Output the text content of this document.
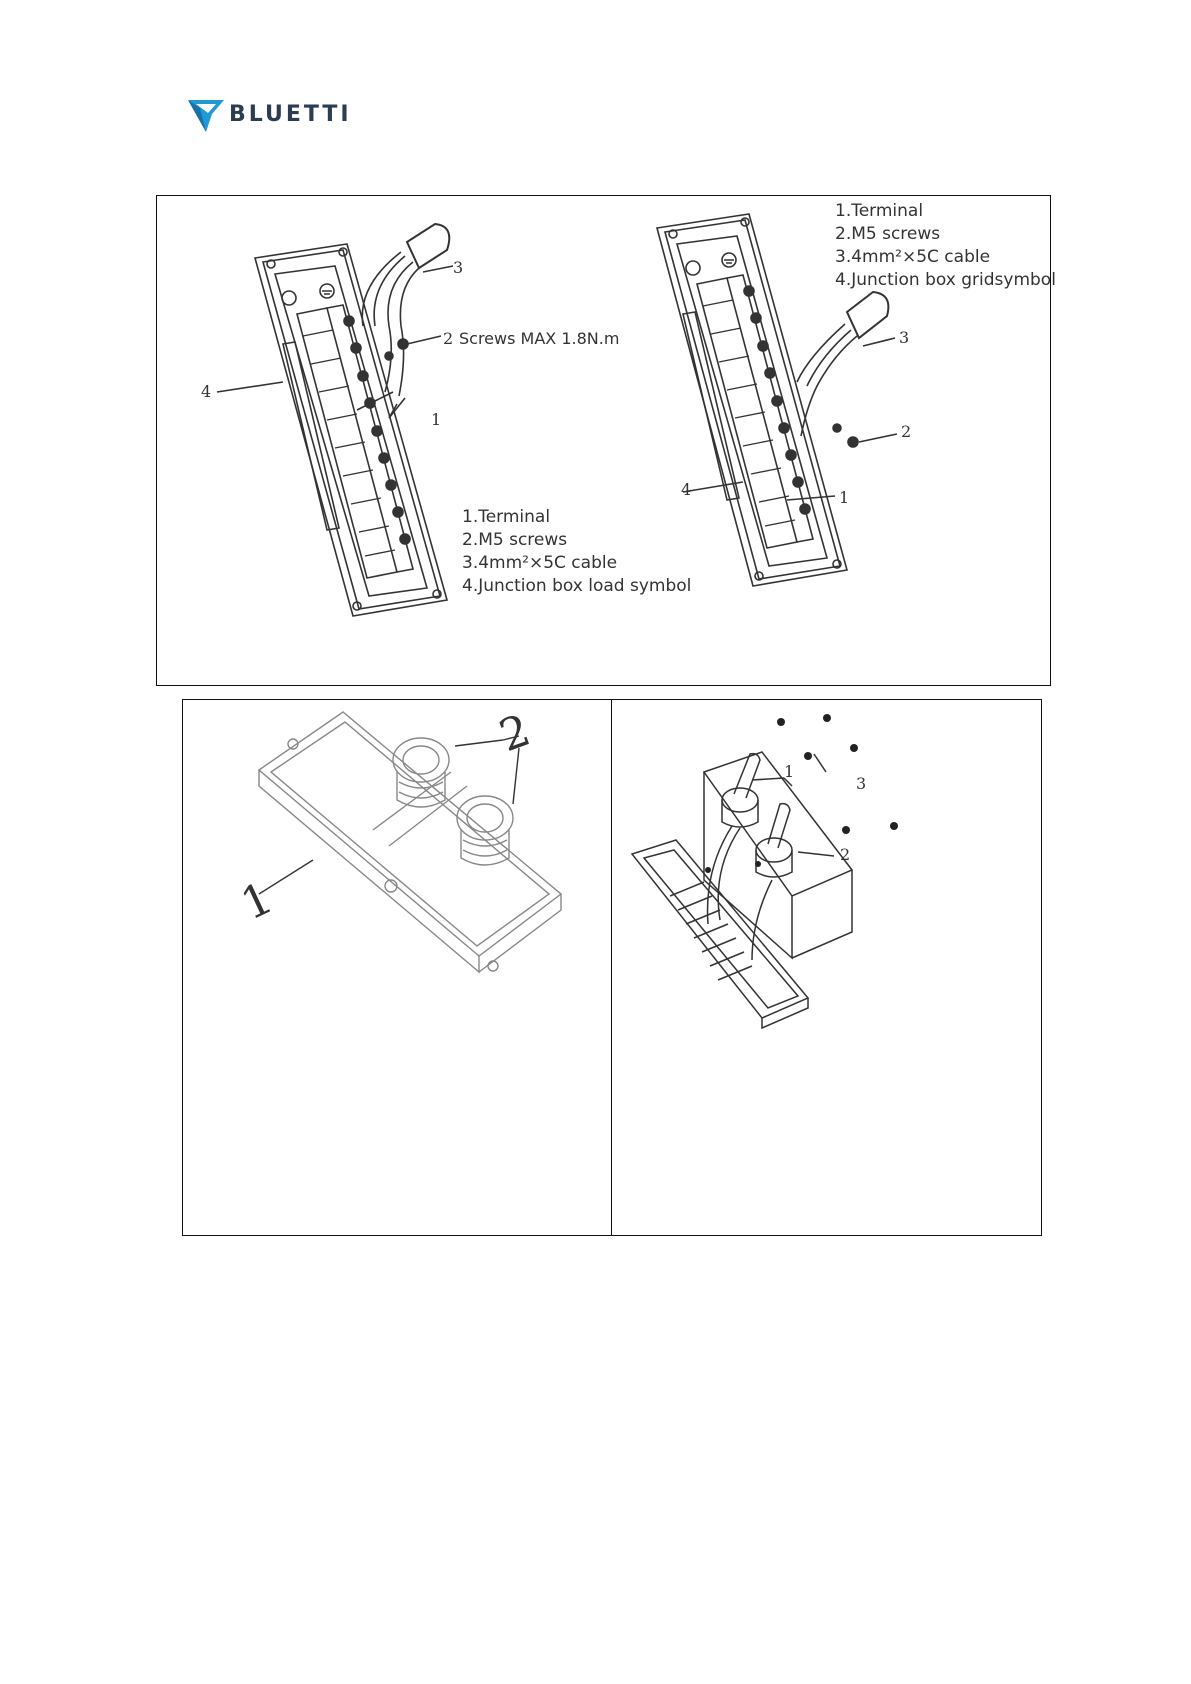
BLUETTI
3
2 Screws MAX 1.8N.m
1
4
1.Terminal
2.M5 screws
3.4mm²×5C cable
4.Junction box load symbol
1.Terminal
2.M5 screws
3.4mm²×5C cable
4.Junction box gridsymbol
3
2
1
4
2
1
1
2
3
